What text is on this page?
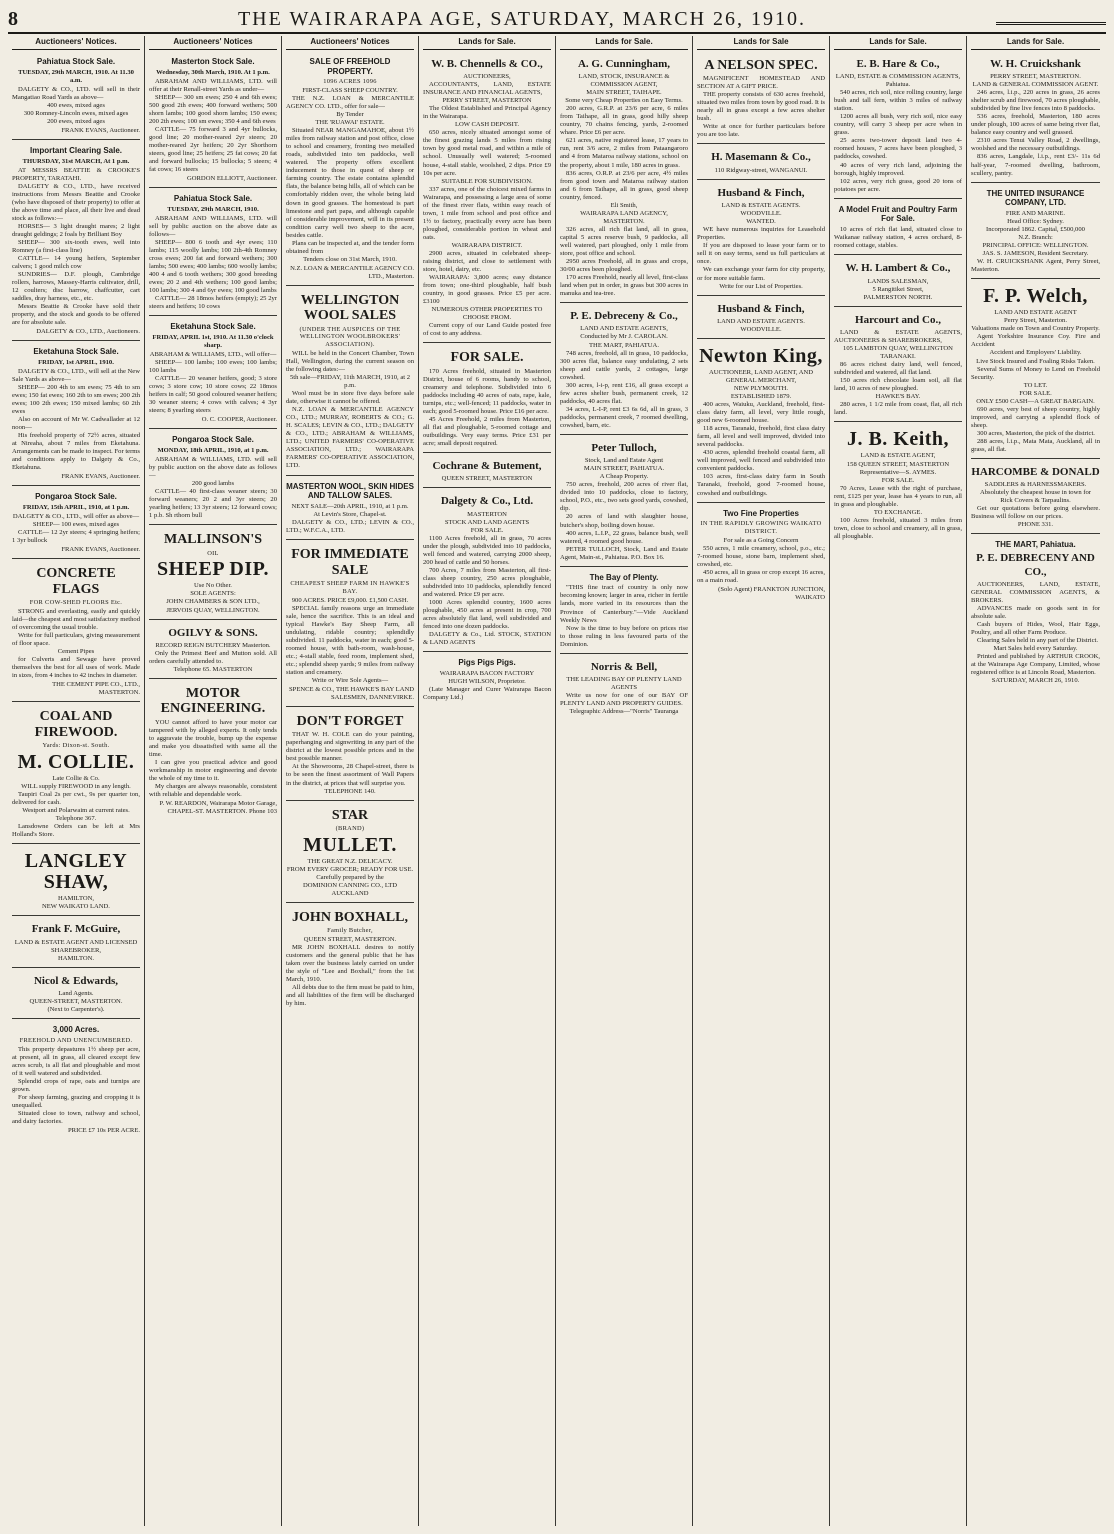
8	THE WAIRARAPA AGE, SATURDAY, MARCH 26, 1910.
Auctioneers' Notices.
Pahiatua Stock Sale.
TUESDAY, 29th MARCH, 1910. At 11.30 a.m.

DALGETY & CO., LTD. will sell in their Mangatiao Road Yards as above—

400 ewes, mixed ages

300 Romney-Lincoln ewes, mixed ages

200 ewes, mixed ages

FRANK EVANS, Auctioneer.
Important Clearing Sale.
THURSDAY, 31st MARCH, At 1 p.m.

AT MESSRS BEATTIE & CROOKE'S PROPERTY, TARATAHI.

DALGETY & CO., LTD., have received instructions from Messrs Beattie and Crooke (who have disposed of their property) to offer at the above time and place, all their live and dead stock as follows:—

HORSES— 3 light draught mares; 2 light draught geldings; 2 foals by Brilliant Boy

SHEEP— 300 six-tooth ewes, well into Romney (a first-class line)

CATTLE— 14 young heifers, September calvers; 1 good milch cow

SUNDRIES— D.F. plough, Cambridge rollers, harrows, Massey-Harris cultivator, drill, 12 coulters; disc harrow, chaffcutter, cart saddles, dray harness, etc., etc.

Messrs Beattie & Crooke have sold their property, and the stock and goods to be offered are for absolute sale.

DALGETY & CO., LTD., Auctioneers.
Eketahuna Stock Sale.
FRIDAY, 1st APRIL, 1910.

DALGETY & CO., LTD., will sell at the New Sale Yards as above—

SHEEP— 200 4th to sm ewes; 75 4th to sm ewes; 150 fat ewes; 160 2th to sm ewes; 200 2th ewes; 100 2th ewes; 150 mixed lambs; 60 2th ewes

Also on account of Mr W. Cadwallader at 12 noon—

His freehold property of 72½ acres, situated at Nireaha, about 7 miles from Eketahuna. Arrangements can be made to inspect. For terms and conditions apply to Dalgety & Co., Eketahuna.

FRANK EVANS, Auctioneer.
Pongaroa Stock Sale.
FRIDAY, 15th APRIL, 1910, at 1 p.m.

DALGETY & CO., LTD., will offer as above—

SHEEP— 100 ewes, mixed ages

CATTLE— 12 2yr steers; 4 springing heifers; 1 3yr bullock

FRANK EVANS, Auctioneer.
CONCRETE FLAGS
FOR COW-SHED FLOORS Etc.

STRONG and everlasting, easily and quickly laid—the cheapest and most satisfactory method of overcoming the usual trouble.

Write for full particulars, giving measurement of floor space.

Cement Pipes

for Culverts and Sewage have proved themselves the best for all uses of work. Made in sizes, from 4 inches to 42 inches in diameter.

THE CEMENT PIPE CO., LTD., MASTERTON.
COAL AND FIREWOOD.
Yards: Dixon-st. South.
M. COLLIE.

Late Collie & Co.

WILL supply FIREWOOD in any length.

Taupiri Coal 2s per cwt., 9s per quarter ton, delivered for cash.

Westport and Polarwaim at current rates.

Telephone 367.

Lansdowne Orders can be left at Mrs Holland's Store.

LANGLEY SHAW,

HAMILTON,

NEW WAIKATO LAND.

Frank F. McGuire,

LAND & ESTATE AGENT AND LICENSED SHAREBROKER,

HAMILTON.

Nicol & Edwards,

Land Agents.

QUEEN-STREET, MASTERTON.

(Next to Carpenter's).

3,000 Acres.
FREEHOLD AND UNENCUMBERED.

This property depastures 1½ sheep per acre, at present, all in grass, all cleared except few acres scrub, is all flat and ploughable and most of it well watered and subdivided.

Splendid crops of rape, oats and turnips are grown.

For sheep farming, grazing and cropping it is unequalled.

Situated close to town, railway and school, and dairy factories.

PRICE £7 10s PER ACRE.
Auctioneers' Notices
Masterton Stock Sale.
Wednesday, 30th March, 1910. At 1 p.m.

ABRAHAM AND WILLIAMS, LTD. will offer at their Renall-street Yards as under—

SHEEP— 300 sm ewes; 250 4 and 6th ewes; 500 good 2th ewes; 400 forward wethers; 500 shorn lambs; 100 good shorn lambs; 150 ewes; 200 2th ewes; 100 sm ewes; 350 4 and 6th ewes

CATTLE— 75 forward 3 and 4yr bullocks, good line; 20 mother-reared 2yr steers; 20 mother-reared 2yr heifers; 20 2yr Shorthorn steers, good line; 25 heifers; 25 fat cows; 20 fat and forward bullocks; 15 bullocks; 5 steers; 4 fat cows; 16 steers

GORDON ELLIOTT, Auctioneer.
Pahiatua Stock Sale.
TUESDAY, 29th MARCH, 1910.

ABRAHAM AND WILLIAMS, LTD. will sell by public auction on the above date as follows—

SHEEP— 800 6 tooth and 4yr ewes; 110 lambs; 115 woolly lambs; 100 2th-4th Romney cross ewes; 200 fat and forward wethers; 300 lambs; 500 ewes; 400 lambs; 600 woolly lambs; 400 4 and 6 tooth wethers; 300 good breeding ewes; 20 2 and 4th wethers; 100 good lambs; 100 lambs; 300 4 and 6yr ewes; 100 good lambs

CATTLE— 28 18mos heifers (empty); 25 2yr steers and heifers; 10 cows

Eketahuna Stock Sale.
FRIDAY, APRIL 1st, 1910. At 11.30 o'clock sharp.

ABRAHAM & WILLIAMS, LTD., will offer—

SHEEP— 100 lambs; 100 ewes; 100 lambs; 100 lambs

CATTLE— 20 weaner heifers, good; 3 store cows; 3 store cow; 10 store cows; 22 18mos heifers in calf; 50 good coloured weaner heifers; 30 weaner steers; 4 cows with calves; 4 3yr steers; 8 yearling steers

O. C. COOPER, Auctioneer.
Pongaroa Stock Sale.
MONDAY, 18th APRIL, 1910, at 1 p.m.

ABRAHAM & WILLIAMS, LTD. will sell by public auction on the above date as follows—

200 good lambs

CATTLE— 40 first-class weaner steers; 30 forward weaners; 20 2 and 3yr steers; 20 yearling heifers; 13 3yr steers; 12 forward cows; 1 p.b. Sh rthorn bull

MALLINSON'S
OIL
SHEEP DIP.

Use No Other.

SOLE AGENTS:

JOHN CHAMBERS & SON LTD.,

JERVOIS QUAY, WELLINGTON.

OGILVY & SONS.

RECORD REIGN BUTCHERY Masterton.

Only the Primest Beef and Mutton sold. All orders carefully attended to.

Telephone 65. MASTERTON

MOTOR ENGINEERING.

YOU cannot afford to have your motor car tampered with by alleged experts. It only tends to aggravate the trouble, bump up the expense and make you dissatisfied with same all the time.

I can give you practical advice and good workmanship in motor engineering and devote the whole of my time to it.

My charges are always reasonable, consistent with reliable and dependable work.

P. W. REARDON, Wairarapa Motor Garage, CHAPEL-ST. MASTERTON. Phone 103
Auctioneers' Notices
SALE OF FREEHOLD PROPERTY.
1096 ACRES 1096

FIRST-CLASS SHEEP COUNTRY.

THE N.Z. LOAN & MERCANTILE AGENCY CO. LTD., offer for sale—

By Tender

THE 'RUAWAI' ESTATE.

Situated NEAR MANGAMAHOE, about 1½ miles from railway station and post office, close to school and creamery, fronting two metalled roads, subdivided into ten paddocks, well watered. The property offers excellent inducement to those in quest of sheep or farming country. The estate contains splendid flats, the balance being hills, all of which can be comfortably ridden over, the whole being laid down in good grasses. The homestead is part limestone and part papa, and although capable of considerable improvement, will in its present condition carry well two sheep to the acre, besides cattle.

Plans can be inspected at, and the tender form obtained from

Tenders close on 31st March, 1910.

N.Z. LOAN & MERCANTILE AGENCY CO. LTD., Masterton.
WELLINGTON WOOL SALES
(UNDER THE AUSPICES OF THE WELLINGTON WOOLBROKERS' ASSOCIATION).

WILL be held in the Concert Chamber, Town Hall, Wellington, during the current season on the following dates:—

5th sale—FRIDAY, 11th MARCH, 1910, at 2 p.m.

Wool must be in store five days before sale date, otherwise it cannot be offered.

N.Z. LOAN & MERCANTILE AGENCY CO., LTD.; MURRAY, ROBERTS & CO.; G. H. SCALES; LEVIN & CO., LTD.; DALGETY & CO., LTD.; ABRAHAM & WILLIAMS, LTD.; UNITED FARMERS' CO-OPERATIVE ASSOCIATION, LTD.; WAIRARAPA FARMERS' CO-OPERATIVE ASSOCIATION, LTD.

MASTERTON WOOL, SKIN HIDES AND TALLOW SALES.

NEXT SALE—20th APRIL, 1910, at 1 p.m.

At Levin's Store, Chapel-st.

DALGETY & CO., LTD.; LEVIN & CO., LTD.; W.F.C.A., LTD.

FOR IMMEDIATE SALE
CHEAPEST SHEEP FARM IN HAWKE'S BAY.

900 ACRES. PRICE £9,000. £1,500 CASH.

SPECIAL family reasons urge an immediate sale, hence the sacrifice. This is an ideal and typical Hawke's Bay Sheep Farm, all undulating, ridable country; splendidly subdivided. 11 paddocks, water in each; good 5-roomed house, with bath-room, wash-house, etc.; 4-stall stable, feed room, implement shed, etc.; splendid sheep yards; 9 miles from railway station and creamery.

Write or Wire Sole Agents—

SPENCE & CO., THE HAWKE'S BAY LAND SALESMEN, DANNEVIRKE.
DON'T FORGET

THAT W. H. COLE can do your painting, paperhanging and signwriting in any part of the district at the lowest possible prices and in the best possible manner.

At the Showrooms, 28 Chapel-street, there is to be seen the finest assortment of Wall Papers in the district, at prices that will surprise you.

TELEPHONE 140.

STAR
(BRAND)
MULLET.

THE GREAT N.Z. DELICACY.

FROM EVERY GROCER; READY FOR USE.

Carefully prepared by the

DOMINION CANNING CO., LTD

AUCKLAND

JOHN BOXHALL,
Family Butcher,

QUEEN STREET, MASTERTON.

MR JOHN BOXHALL desires to notify customers and the general public that he has taken over the business lately carried on under the style of "Lee and Boxhall," from the 1st March, 1910.

All debts due to the firm must be paid to him, and all liabilities of the firm will be discharged by him.

Lands for Sale.
W. B. Chennells & CO.,

AUCTIONEERS,

ACCOUNTANTS, LAND, ESTATE INSURANCE AND FINANCIAL AGENTS,

PERRY STREET, MASTERTON

The Oldest Established and Principal Agency in the Wairarapa.

LOW CASH DEPOSIT.

650 acres, nicely situated amongst some of the finest grazing lands 5 miles from rising town by good metal road, and within a mile of school. Unusually well watered; 5-roomed house, 4-stall stable, woolshed, 2 dips. Price £9 10s per acre.

SUITABLE FOR SUBDIVISION.

337 acres, one of the choicest mixed farms in Wairarapa, and possessing a large area of some of the finest river flats, within easy reach of town, 1 mile from school and post office and 1½ to factory, practically every acre has been ploughed, considerable portion in wheat and oats.

WAIRARAPA DISTRICT.

2900 acres, situated in celebrated sheep-raising district, and close to settlement with store, hotel, dairy, etc.

WAIRARAPA: 3,800 acres; easy distance from town; one-third ploughable, half bush country, in good grasses. Price £5 per acre. £3100

NUMEROUS OTHER PROPERTIES TO CHOOSE FROM.

Current copy of our Land Guide posted free of cost to any address.

FOR SALE.

170 Acres freehold, situated in Masterton District, house of 6 rooms, handy to school, creamery and telephone. Subdivided into 6 paddocks including 40 acres of oats, rape, kale, turnips, etc.; well-fenced; 11 paddocks, water in each; good 5-roomed house. Price £16 per acre.

45 Acres Freehold, 2 miles from Masterton, all flat and ploughable, 5-roomed cottage and outbuildings. Very easy terms. Price £31 per acre; small deposit required.

Cochrane & Butement,

QUEEN STREET, MASTERTON

Dalgety & Co., Ltd.

MASTERTON

STOCK AND LAND AGENTS

FOR SALE.

1100 Acres freehold, all in grass, 70 acres under the plough, subdivided into 10 paddocks, well fenced and watered, carrying 2000 sheep, 200 head of cattle and 50 horses.

700 Acres, 7 miles from Masterton, all first-class sheep country, 250 acres ploughable, subdivided into 10 paddocks, splendidly fenced and watered. Price £9 per acre.

1000 Acres splendid country, 1600 acres ploughable, 450 acres at present in crop, 700 acres absolutely flat land, well subdivided and fenced into one dozen paddocks.

DALGETY & Co., Ltd. STOCK, STATION & LAND AGENTS

Pigs Pigs Pigs.

WAIRARAPA BACON FACTORY

HUGH WILSON, Proprietor.

(Late Manager and Curer Wairarapa Bacon Company Ltd.)

Lands for Sale.
A. G. Cunningham,

LAND, STOCK, INSURANCE & COMMISSION AGENT,

MAIN STREET, TAIHAPE.

Some very Cheap Properties on Easy Terms.

200 acres, G.R.P. at 23/6 per acre, 6 miles from Taihape, all in grass, good hilly sheep country, 70 chains fencing, yards, 2-roomed whare. Price £6 per acre.

621 acres, native registered lease, 17 years to run, rent 3/6 acre, 2 miles from Pataangaroro and 4 from Mataroa railway stations, school on the property, about 1 mile, 180 acres in grass.

836 acres, O.R.P. at 23/6 per acre, 4½ miles from good town and Mataroa railway station and 6 from Taihape, all in grass, good sheep country, fenced.

Eli Smith,

WAIRARAPA LAND AGENCY, MASTERTON.

326 acres, all rich flat land, all in grass, capital 5 acres reserve bush, 9 paddocks, all well watered, part ploughed, only 1 mile from store, post office and school.

2950 acres Freehold, all in grass and crops, 30/00 acres been ploughed.

170 acres Freehold, nearly all level, first-class land when put in order, in grass but 300 acres in manuka and tea-tree.

P. E. Debreceny & Co.,

LAND AND ESTATE AGENTS,

Conducted by Mr J. CAROLAN.

THE MART, PAHIATUA.

748 acres, freehold, all in grass, 10 paddocks, 300 acres flat, balance easy undulating, 2 sets sheep and cattle yards, 2 cottages, large cowshed.

300 acres, l-i-p, rent £16, all grass except a few acres shelter bush, permanent creek, 12 paddocks, 40 acres flat.

34 acres, L-I-P, rent £3 6s 6d, all in grass, 3 paddocks, permanent creek, 7 roomed dwelling, cowshed, barn, etc.

Peter Tulloch,

Stock, Land and Estate Agent

MAIN STREET, PAHIATUA.

A Cheap Property.

750 acres, freehold, 200 acres of river flat, divided into 10 paddocks, close to factory, school, P.O., etc., two sets good yards, cowshed, dip.

20 acres of land with slaughter house, butcher's shop, boiling down house.

400 acres, L.I.P., 22 grass, balance bush, well watered, 4 roomed good house.

PETER TULLOCH, Stock, Land and Estate Agent, Main-st., Pahiatua. P.O. Box 16.

The Bay of Plenty.

"THIS fine tract of country is only now becoming known; larger in area, richer in fertile lands, more varied in its resources than the Province of Canterbury."—Vide Auckland Weekly News

Now is the time to buy before on prices rise to those ruling in less favoured parts of the Dominion.

Norris & Bell,

THE LEADING BAY OF PLENTY LAND AGENTS

Write us now for one of our BAY OF PLENTY LAND AND PROPERTY GUIDES.

Telegraphic Address—"Norris" Tauranga

Lands for Sale
A NELSON SPEC.

MAGNIFICENT HOMESTEAD AND SECTION AT A GIFT PRICE.

THE property consists of 630 acres freehold, situated two miles from town by good road. It is nearly all in grass except a few acres shelter bush.

Write at once for further particulars before you are too late.

H. Masemann & Co.,

110 Ridgway-street, WANGANUI.

Husband & Finch,

LAND & ESTATE AGENTS.

WOODVILLE.

WANTED.

WE have numerous inquiries for Leasehold Properties.

If you are disposed to lease your farm or to sell it on easy terms, send us full particulars at once.

We can exchange your farm for city property, or for more suitable farm.

Write for our List of Properties.

Husband & Finch,

LAND AND ESTATE AGENTS.

WOODVILLE.

Newton King,

AUCTIONEER, LAND AGENT, AND GENERAL MERCHANT,

NEW PLYMOUTH.

ESTABLISHED 1879.

400 acres, Waiuku, Auckland, freehold, first-class dairy farm, all level, very little rough, good new 6-roomed house.

118 acres, Taranaki, freehold, first class dairy farm, all level and well improved, divided into several paddocks.

430 acres, splendid freehold coastal farm, all well improved, well fenced and subdivided into convenient paddocks.

103 acres, first-class dairy farm in South Taranaki, freehold, good 7-roomed house, cowshed and outbuildings.

Two Fine Properties
IN THE RAPIDLY GROWING WAIKATO DISTRICT.

For sale as a Going Concern

550 acres, 1 mile creamery, school, p.o., etc.; 7-roomed house, stone barn, implement shed, cowshed, etc.

450 acres, all in grass or crop except 16 acres, on a main road.

(Solo Agent) FRANKTON JUNCTION, WAIKATO
Lands for Sale.
E. B. Hare & Co.,

LAND, ESTATE & COMMISSION AGENTS,

Pahiatua.

540 acres, rich soil, nice rolling country, large bush and tall fern, within 3 miles of railway station.

1200 acres all bush, very rich soil, nice easy country, will carry 3 sheep per acre when in grass.

25 acres two-tower deposit land two 4-roomed houses, 7 acres have been ploughed, 3 paddocks, cowshed.

40 acres of very rich land, adjoining the borough, highly improved.

102 acres, very rich grass, good 20 tons of potatoes per acre.

A Model Fruit and Poultry Farm For Sale.

10 acres of rich flat land, situated close to Waikanae railway station, 4 acres orchard, 8-roomed cottage, stables.

W. H. Lambert & Co.,

LANDS SALESMAN,

5 Rangitikei Street,

PALMERSTON NORTH.

Harcourt and Co.,

LAND & ESTATE AGENTS, AUCTIONEERS & SHAREBROKERS,

105 LAMBTON QUAY, WELLINGTON

TARANAKI.

86 acres richest dairy land, well fenced, subdivided and watered, all flat land.

150 acres rich chocolate loam soil, all flat land, 10 acres of new ploughed.

HAWKE'S BAY.

280 acres, 1 1/2 mile from coast, flat, all rich land.

J. B. Keith,

LAND & ESTATE AGENT,

158 QUEEN STREET, MASTERTON

Representative—S. AYMES.

FOR SALE.

70 Acres, Lease with the right of purchase, rent, £125 per year, lease has 4 years to run, all in grass and ploughable.

TO EXCHANGE.

100 Acres freehold, situated 3 miles from town, close to school and creamery, all in grass, all ploughable.

Lands for Sale.
W. H. Cruickshank

PERRY STREET, MASTERTON.

LAND & GENERAL COMMISSION AGENT.

246 acres, l.i.p., 220 acres in grass, 26 acres shelter scrub and firewood, 70 acres ploughable, subdivided by fine live fences into 8 paddocks.

536 acres, freehold, Masterton, 180 acres under plough, 100 acres of same being river flat, balance easy country and well grassed.

2310 acres Tenui Valley Road, 2 dwellings, woolshed and the necessary outbuildings.

836 acres, Langdale, l.i.p., rent £3/- 11s 6d half-year, 7-roomed dwelling, bathroom, scullery, pantry.

THE UNITED INSURANCE COMPANY, LTD.

FIRE AND MARINE.

Head Office: Sydney.

Incorporated 1862. Capital, £500,000

N.Z. Branch:

PRINCIPAL OFFICE: WELLINGTON.

JAS. S. JAMESON, Resident Secretary.

W. H. CRUICKSHANK Agent, Perry Street, Masterton.

F. P. Welch,

LAND AND ESTATE AGENT

Perry Street, Masterton.

Valuations made on Town and Country Property.

Agent Yorkshire Insurance Coy. Fire and Accident

Accident and Employers' Liability.

Live Stock Insured and Foaling Risks Taken.

Several Sums of Money to Lend on Freehold Security.

TO LET.

FOR SALE.

ONLY £500 CASH—A GREAT BARGAIN.

690 acres, very best of sheep country, highly improved, and carrying a splendid flock of sheep.

300 acres, Masterton, the pick of the district.

288 acres, l.i.p., Mata Mata, Auckland, all in grass, all flat.

HARCOMBE & DONALD

SADDLERS & HARNESSMAKERS.

Absolutely the cheapest house in town for

Rick Covers & Tarpaulins.

Get our quotations before going elsewhere. Business will follow on our prices.

PHONE 331.

THE MART, Pahiatua.
P. E. DEBRECENY AND CO.,

AUCTIONEERS, LAND, ESTATE, GENERAL COMMISSION AGENTS, & BROKERS.

ADVANCES made on goods sent in for absolute sale.

Cash buyers of Hides, Wool, Hair Eggs, Poultry, and all other Farm Produce.

Clearing Sales held in any part of the District.

Mart Sales held every Saturday.

Printed and published by ARTHUR CROOK, at the Wairarapa Age Company, Limited, whose registered office is at Lincoln Road, Masterton.

SATURDAY, MARCH 26, 1910.
